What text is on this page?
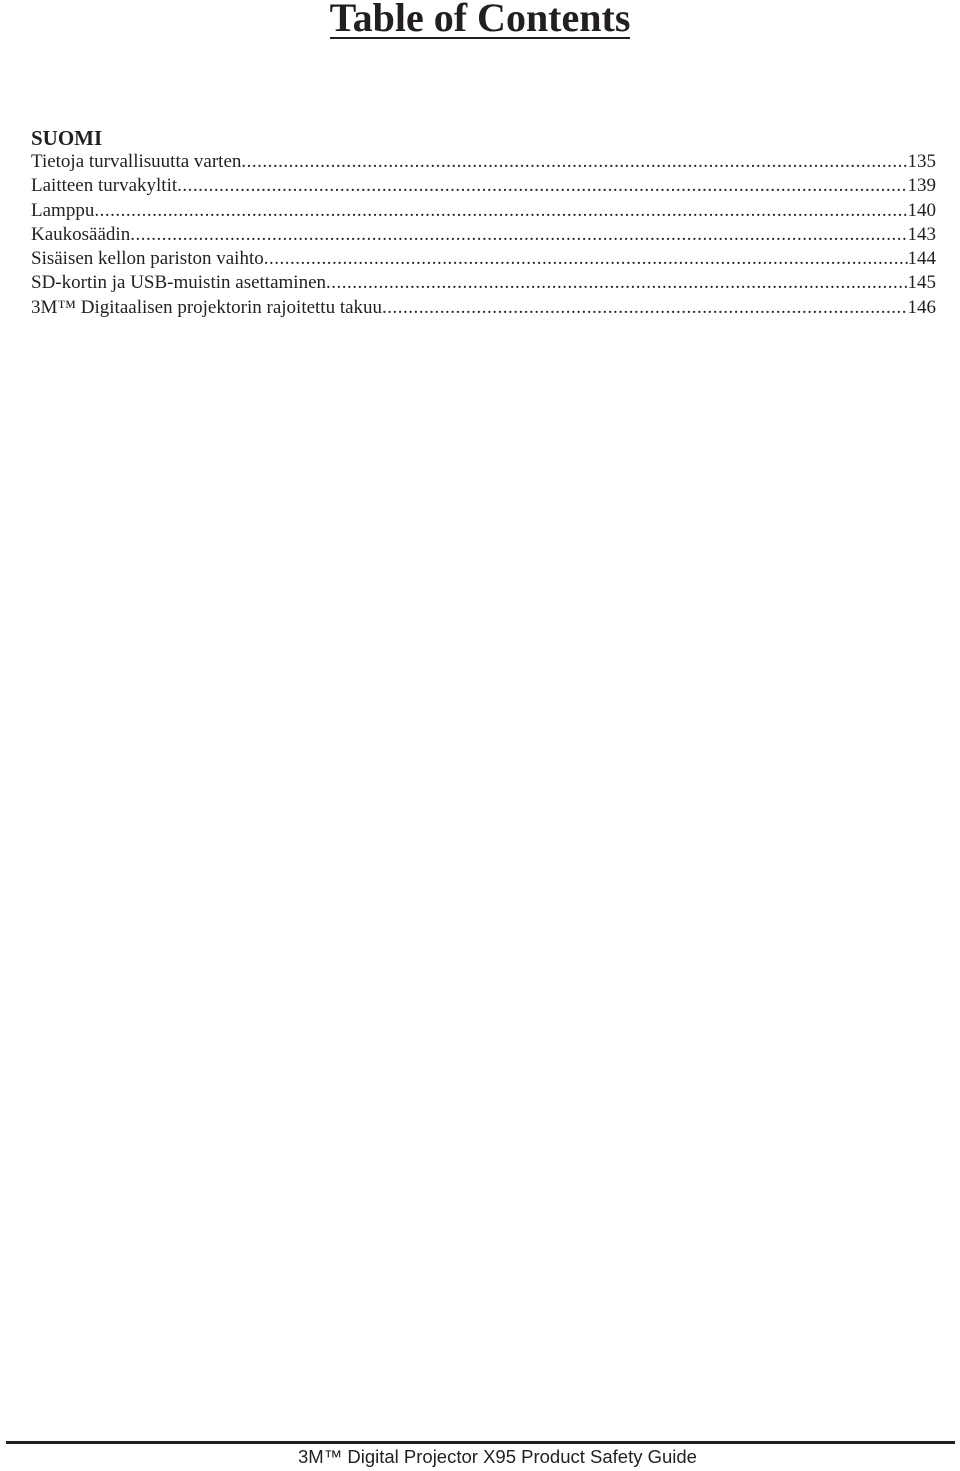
Table of Contents
SUOMI
Tietoja turvallisuutta varten .....	135
Laitteen turvakyltit .....	139
Lamppu .....	140
Kaukosäädin .....	143
Sisäisen kellon pariston vaihto .....	144
SD-kortin ja USB-muistin asettaminen .....	145
3M™ Digitaalisen projektorin rajoitettu takuu .....	146
3M™ Digital Projector X95 Product Safety Guide
